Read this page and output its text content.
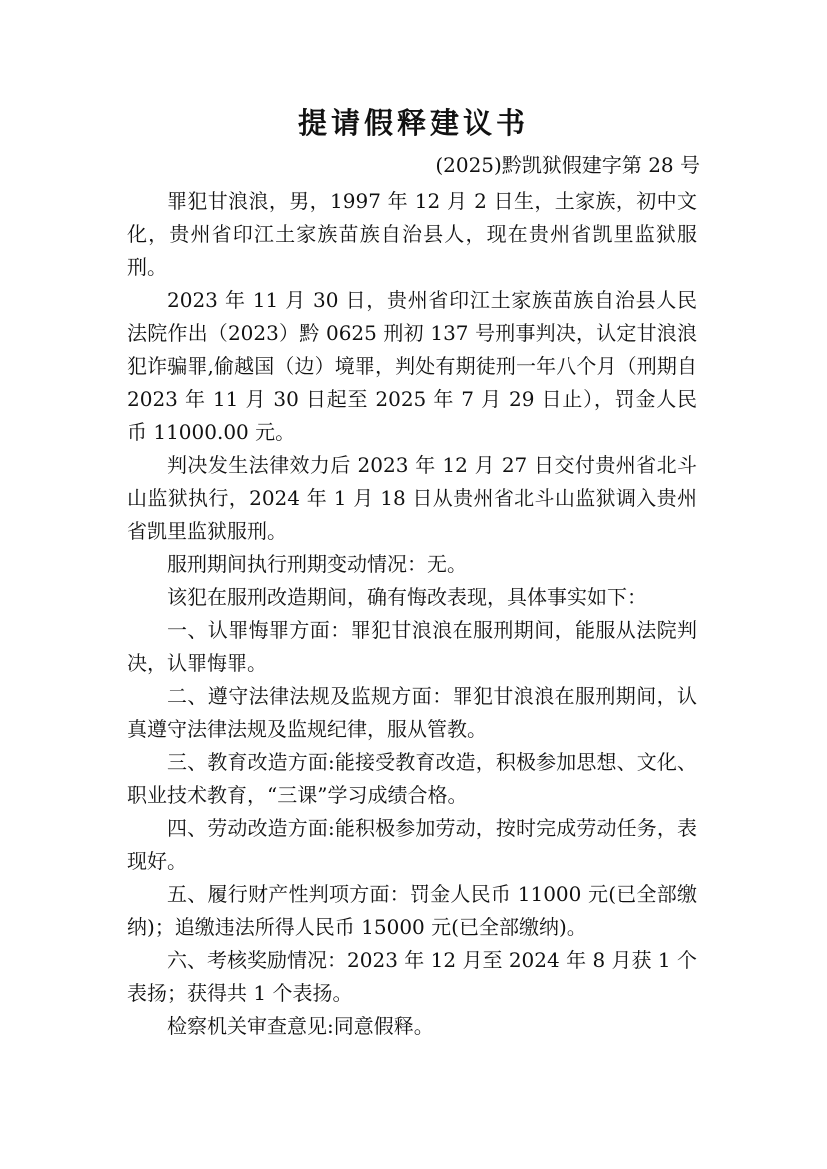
提请假释建议书
(2025)黔凯狱假建字第 28 号

罪犯甘浪浪，男，1997 年 12 月 2 日生，土家族，初中文化，贵州省印江土家族苗族自治县人，现在贵州省凯里监狱服刑。

2023 年 11 月 30 日，贵州省印江土家族苗族自治县人民法院作出（2023）黔 0625 刑初 137 号刑事判决，认定甘浪浪犯诈骗罪,偷越国（边）境罪，判处有期徒刑一年八个月（刑期自 2023 年 11 月 30 日起至 2025 年 7 月 29 日止），罚金人民币 11000.00 元。

判决发生法律效力后 2023 年 12 月 27 日交付贵州省北斗山监狱执行，2024 年 1 月 18 日从贵州省北斗山监狱调入贵州省凯里监狱服刑。

服刑期间执行刑期变动情况：无。

该犯在服刑改造期间，确有悔改表现，具体事实如下：

一、认罪悔罪方面：罪犯甘浪浪在服刑期间，能服从法院判决，认罪悔罪。

二、遵守法律法规及监规方面：罪犯甘浪浪在服刑期间，认真遵守法律法规及监规纪律，服从管教。

三、教育改造方面:能接受教育改造，积极参加思想、文化、职业技术教育，“三课”学习成绩合格。

四、劳动改造方面:能积极参加劳动，按时完成劳动任务，表现好。

五、履行财产性判项方面：罚金人民币 11000 元(已全部缴纳)；追缴违法所得人民币 15000 元(已全部缴纳)。

六、考核奖励情况：2023 年 12 月至 2024 年 8 月获 1 个表扬；获得共 1 个表扬。

检察机关审查意见:同意假释。
